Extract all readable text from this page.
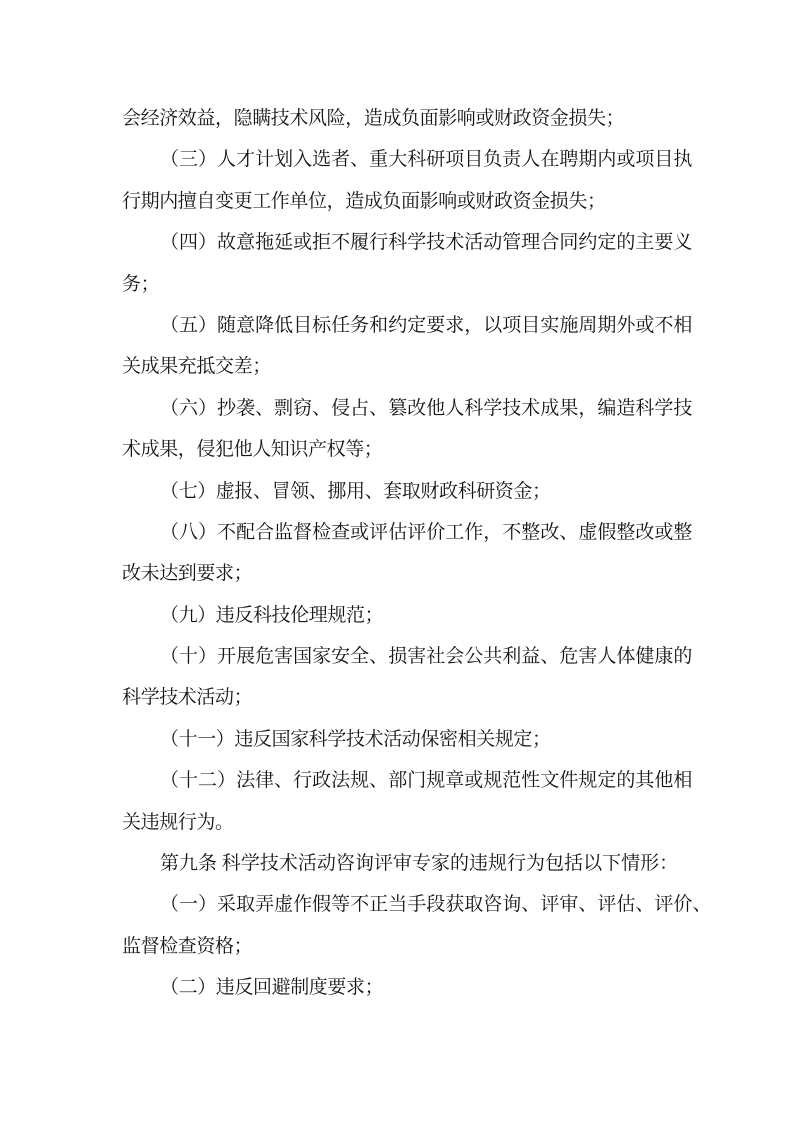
会经济效益，隐瞒技术风险，造成负面影响或财政资金损失；
（ 三 ） 人 才 计 划 入 选 者 、 重 大 科 研 项 目 负 责 人 在 聘 期 内 或 项 目 执
行期内擅自变更工作单位，造成负面影响或财政资金损失；
（ 四 ） 故 意 拖 延 或 拒 不 履 行 科 学 技 术 活 动 管 理 合 同 约 定 的 主 要 义
务；
（ 五 ） 随 意 降 低 目 标 任 务 和 约 定 要 求 ， 以 项 目 实 施 周 期 外 或 不 相
关成果充抵交差；
（ 六 ） 抄 袭 、 剽 窃 、 侵 占 、 篡 改 他 人 科 学 技 术 成 果 ， 编 造 科 学 技
术成果，侵犯他人知识产权等；
（七）虚报、冒领、挪用、套取财政科研资金；
（ 八 ） 不 配 合 监 督 检 查 或 评 估 评 价 工 作 ， 不 整 改 、 虚 假 整 改 或 整
改未达到要求；
（九）违反科技伦理规范；
（ 十 ） 开 展 危 害 国 家 安 全 、 损 害 社 会 公 共 利 益 、 危 害 人 体 健 康 的
科学技术活动；
（十一）违反国家科学技术活动保密相关规定；
（ 十 二 ） 法 律 、 行 政 法 规 、 部 门 规 章 或 规 范 性 文 件 规 定 的 其 他 相
关违规行为。
第 九 条
科 学 技 术 活 动 咨 询 评 审 专 家 的 违 规 行 为 包 括 以 下 情 形 ：
（ 一 ） 采 取 弄 虚 作 假 等 不 正 当 手 段 获 取 咨 询 、 评 审 、 评 估 、 评 价 、
监督检查资格；
（二）违反回避制度要求；
